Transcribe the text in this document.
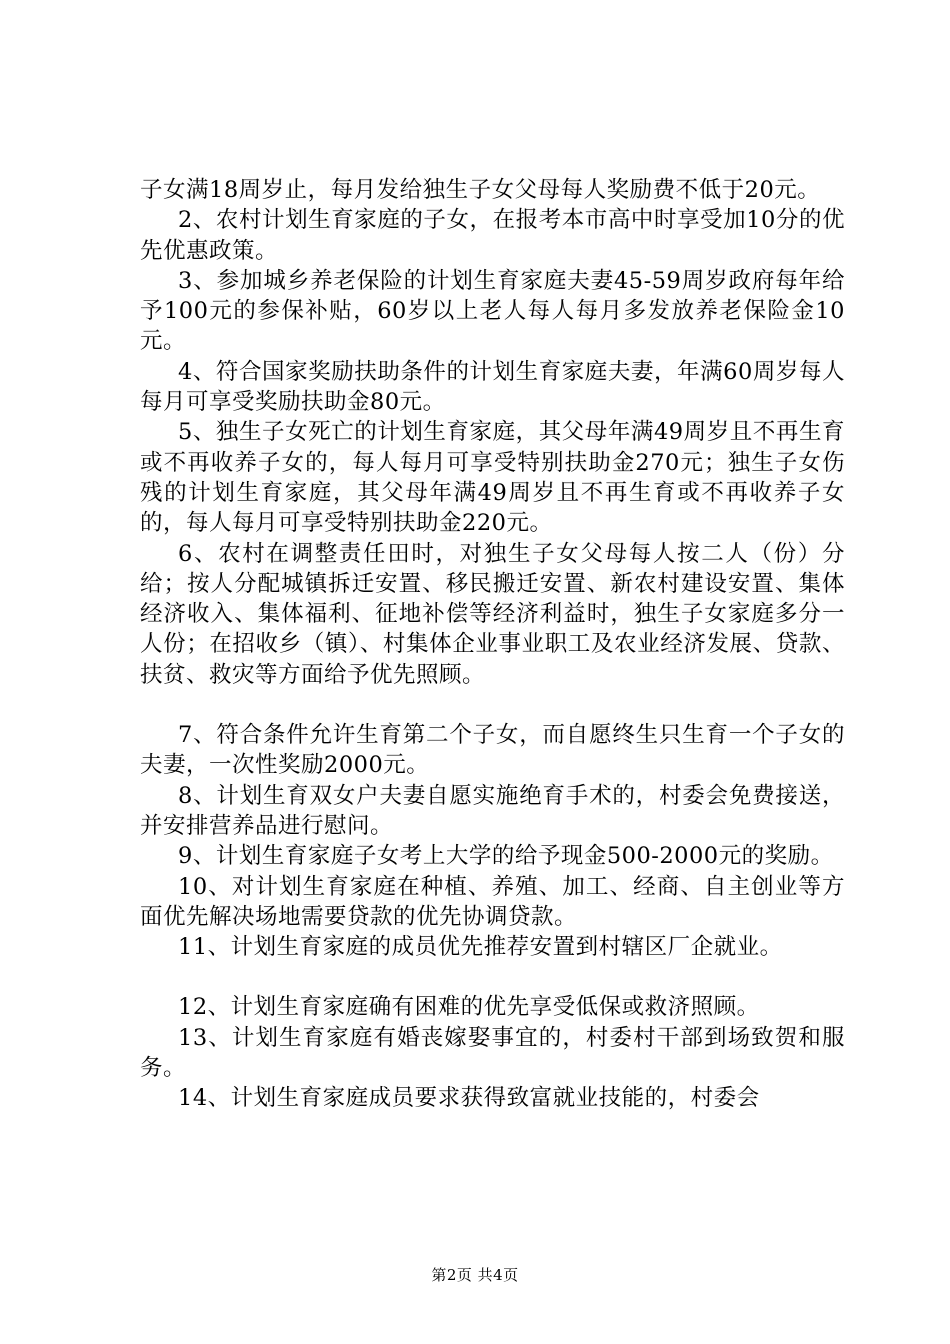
子女满18周岁止，每月发给独生子女父母每人奖励费不低于20元。

2、农村计划生育家庭的子女，在报考本市高中时享受加10分的优先优惠政策。

3、参加城乡养老保险的计划生育家庭夫妻45-59周岁政府每年给予100元的参保补贴，60岁以上老人每人每月多发放养老保险金10元。

4、符合国家奖励扶助条件的计划生育家庭夫妻，年满60周岁每人每月可享受奖励扶助金80元。

5、独生子女死亡的计划生育家庭，其父母年满49周岁且不再生育或不再收养子女的，每人每月可享受特别扶助金270元；独生子女伤残的计划生育家庭，其父母年满49周岁且不再生育或不再收养子女的，每人每月可享受特别扶助金220元。

6、农村在调整责任田时，对独生子女父母每人按二人（份）分给；按人分配城镇拆迁安置、移民搬迁安置、新农村建设安置、集体经济收入、集体福利、征地补偿等经济利益时，独生子女家庭多分一人份；在招收乡（镇）、村集体企业事业职工及农业经济发展、贷款、扶贫、救灾等方面给予优先照顾。

7、符合条件允许生育第二个子女，而自愿终生只生育一个子女的夫妻，一次性奖励2000元。

8、计划生育双女户夫妻自愿实施绝育手术的，村委会免费接送，并安排营养品进行慰问。

9、计划生育家庭子女考上大学的给予现金500-2000元的奖励。

10、对计划生育家庭在种植、养殖、加工、经商、自主创业等方面优先解决场地需要贷款的优先协调贷款。

11、计划生育家庭的成员优先推荐安置到村辖区厂企就业。

12、计划生育家庭确有困难的优先享受低保或救济照顾。

13、计划生育家庭有婚丧嫁娶事宜的，村委村干部到场致贺和服务。

14、计划生育家庭成员要求获得致富就业技能的，村委会

第2页 共4页
